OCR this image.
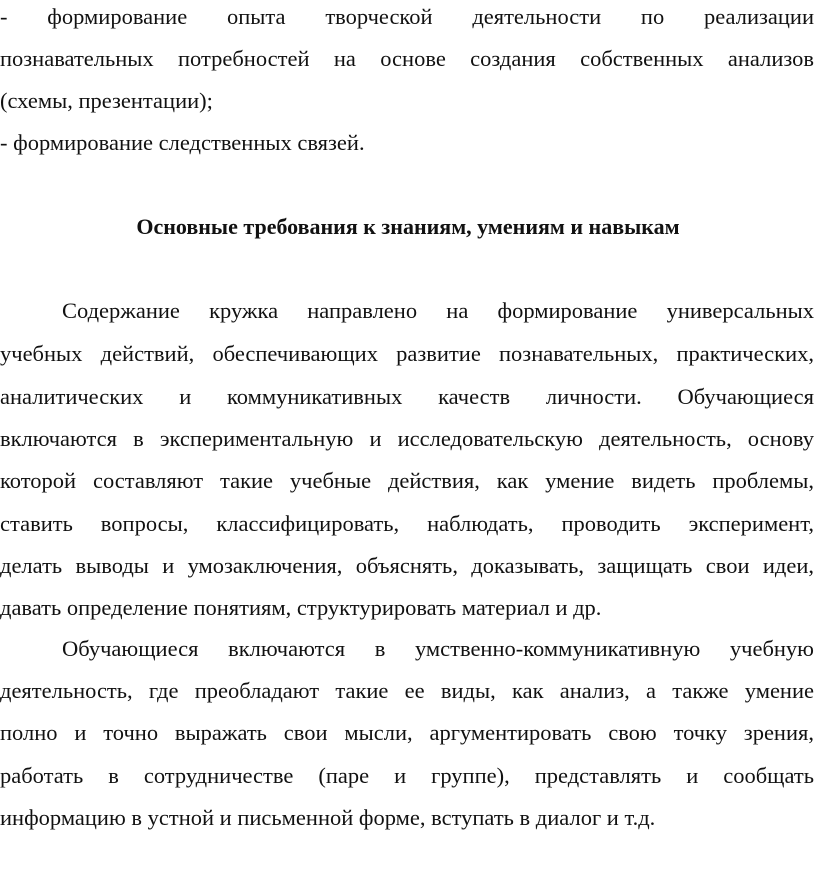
- формирование опыта творческой деятельности по реализации
познавательных потребностей на основе создания собственных анализов
(схемы, презентации);
- формирование следственных связей.
Основные требования к знаниям, умениям и навыкам
Содержание кружка направлено на формирование универсальных
учебных действий, обеспечивающих развитие познавательных, практических,
аналитических и коммуникативных качеств личности. Обучающиеся
включаются в экспериментальную и исследовательскую деятельность, основу
которой составляют такие учебные действия, как умение видеть проблемы,
ставить вопросы, классифицировать, наблюдать, проводить эксперимент,
делать выводы и умозаключения, объяснять, доказывать, защищать свои идеи,
давать определение понятиям, структурировать материал и др.
Обучающиеся включаются в умственно-коммуникативную учебную
деятельность, где преобладают такие ее виды, как анализ, а также умение
полно и точно выражать свои мысли, аргументировать свою точку зрения,
работать в сотрудничестве (паре и группе), представлять и сообщать
информацию в устной и письменной форме, вступать в диалог и т.д.
